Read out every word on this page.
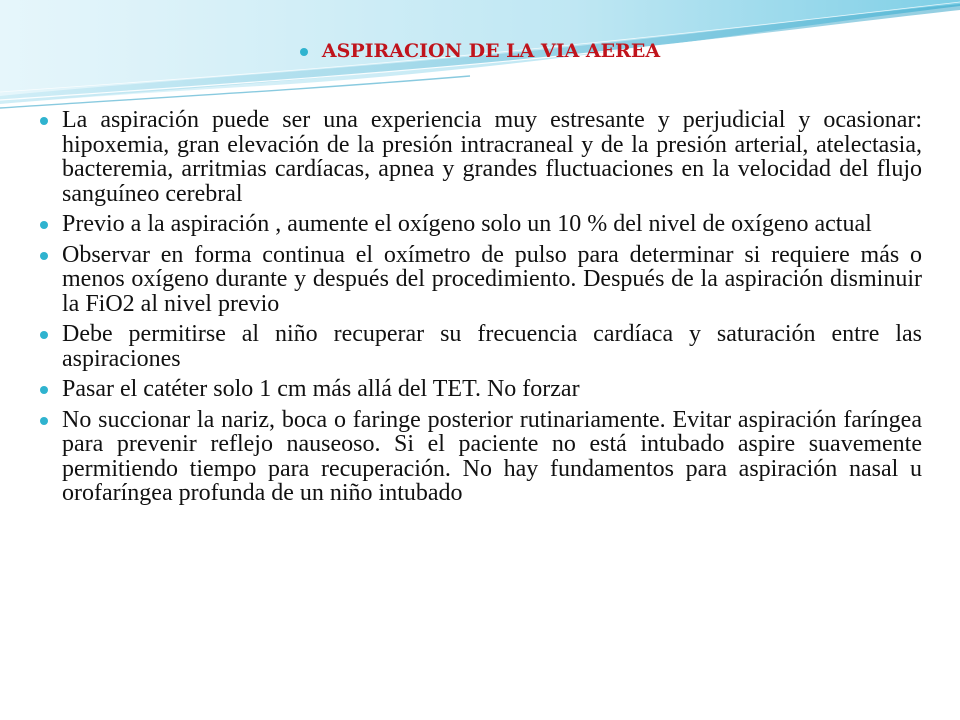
ASPIRACION DE LA VIA AEREA
La aspiración puede ser una experiencia muy estresante y perjudicial y ocasionar: hipoxemia, gran elevación de la presión intracraneal y de la presión arterial, atelectasia, bacteremia, arritmias cardíacas, apnea y grandes fluctuaciones en la velocidad del flujo sanguíneo cerebral
Previo a la aspiración , aumente el oxígeno solo un 10 % del nivel de oxígeno actual
Observar en forma continua el oxímetro de pulso para determinar si requiere más o menos oxígeno durante y después del procedimiento. Después de la aspiración disminuir la FiO2 al nivel previo
Debe permitirse al niño recuperar su frecuencia cardíaca y saturación entre las aspiraciones
Pasar el catéter solo 1 cm más allá del TET. No forzar
No succionar la nariz, boca o faringe posterior rutinariamente. Evitar aspiración faríngea para prevenir reflejo nauseoso. Si el paciente no está intubado aspire suavemente permitiendo tiempo para recuperación. No hay fundamentos para aspiración nasal u orofaríngea profunda de un niño intubado
